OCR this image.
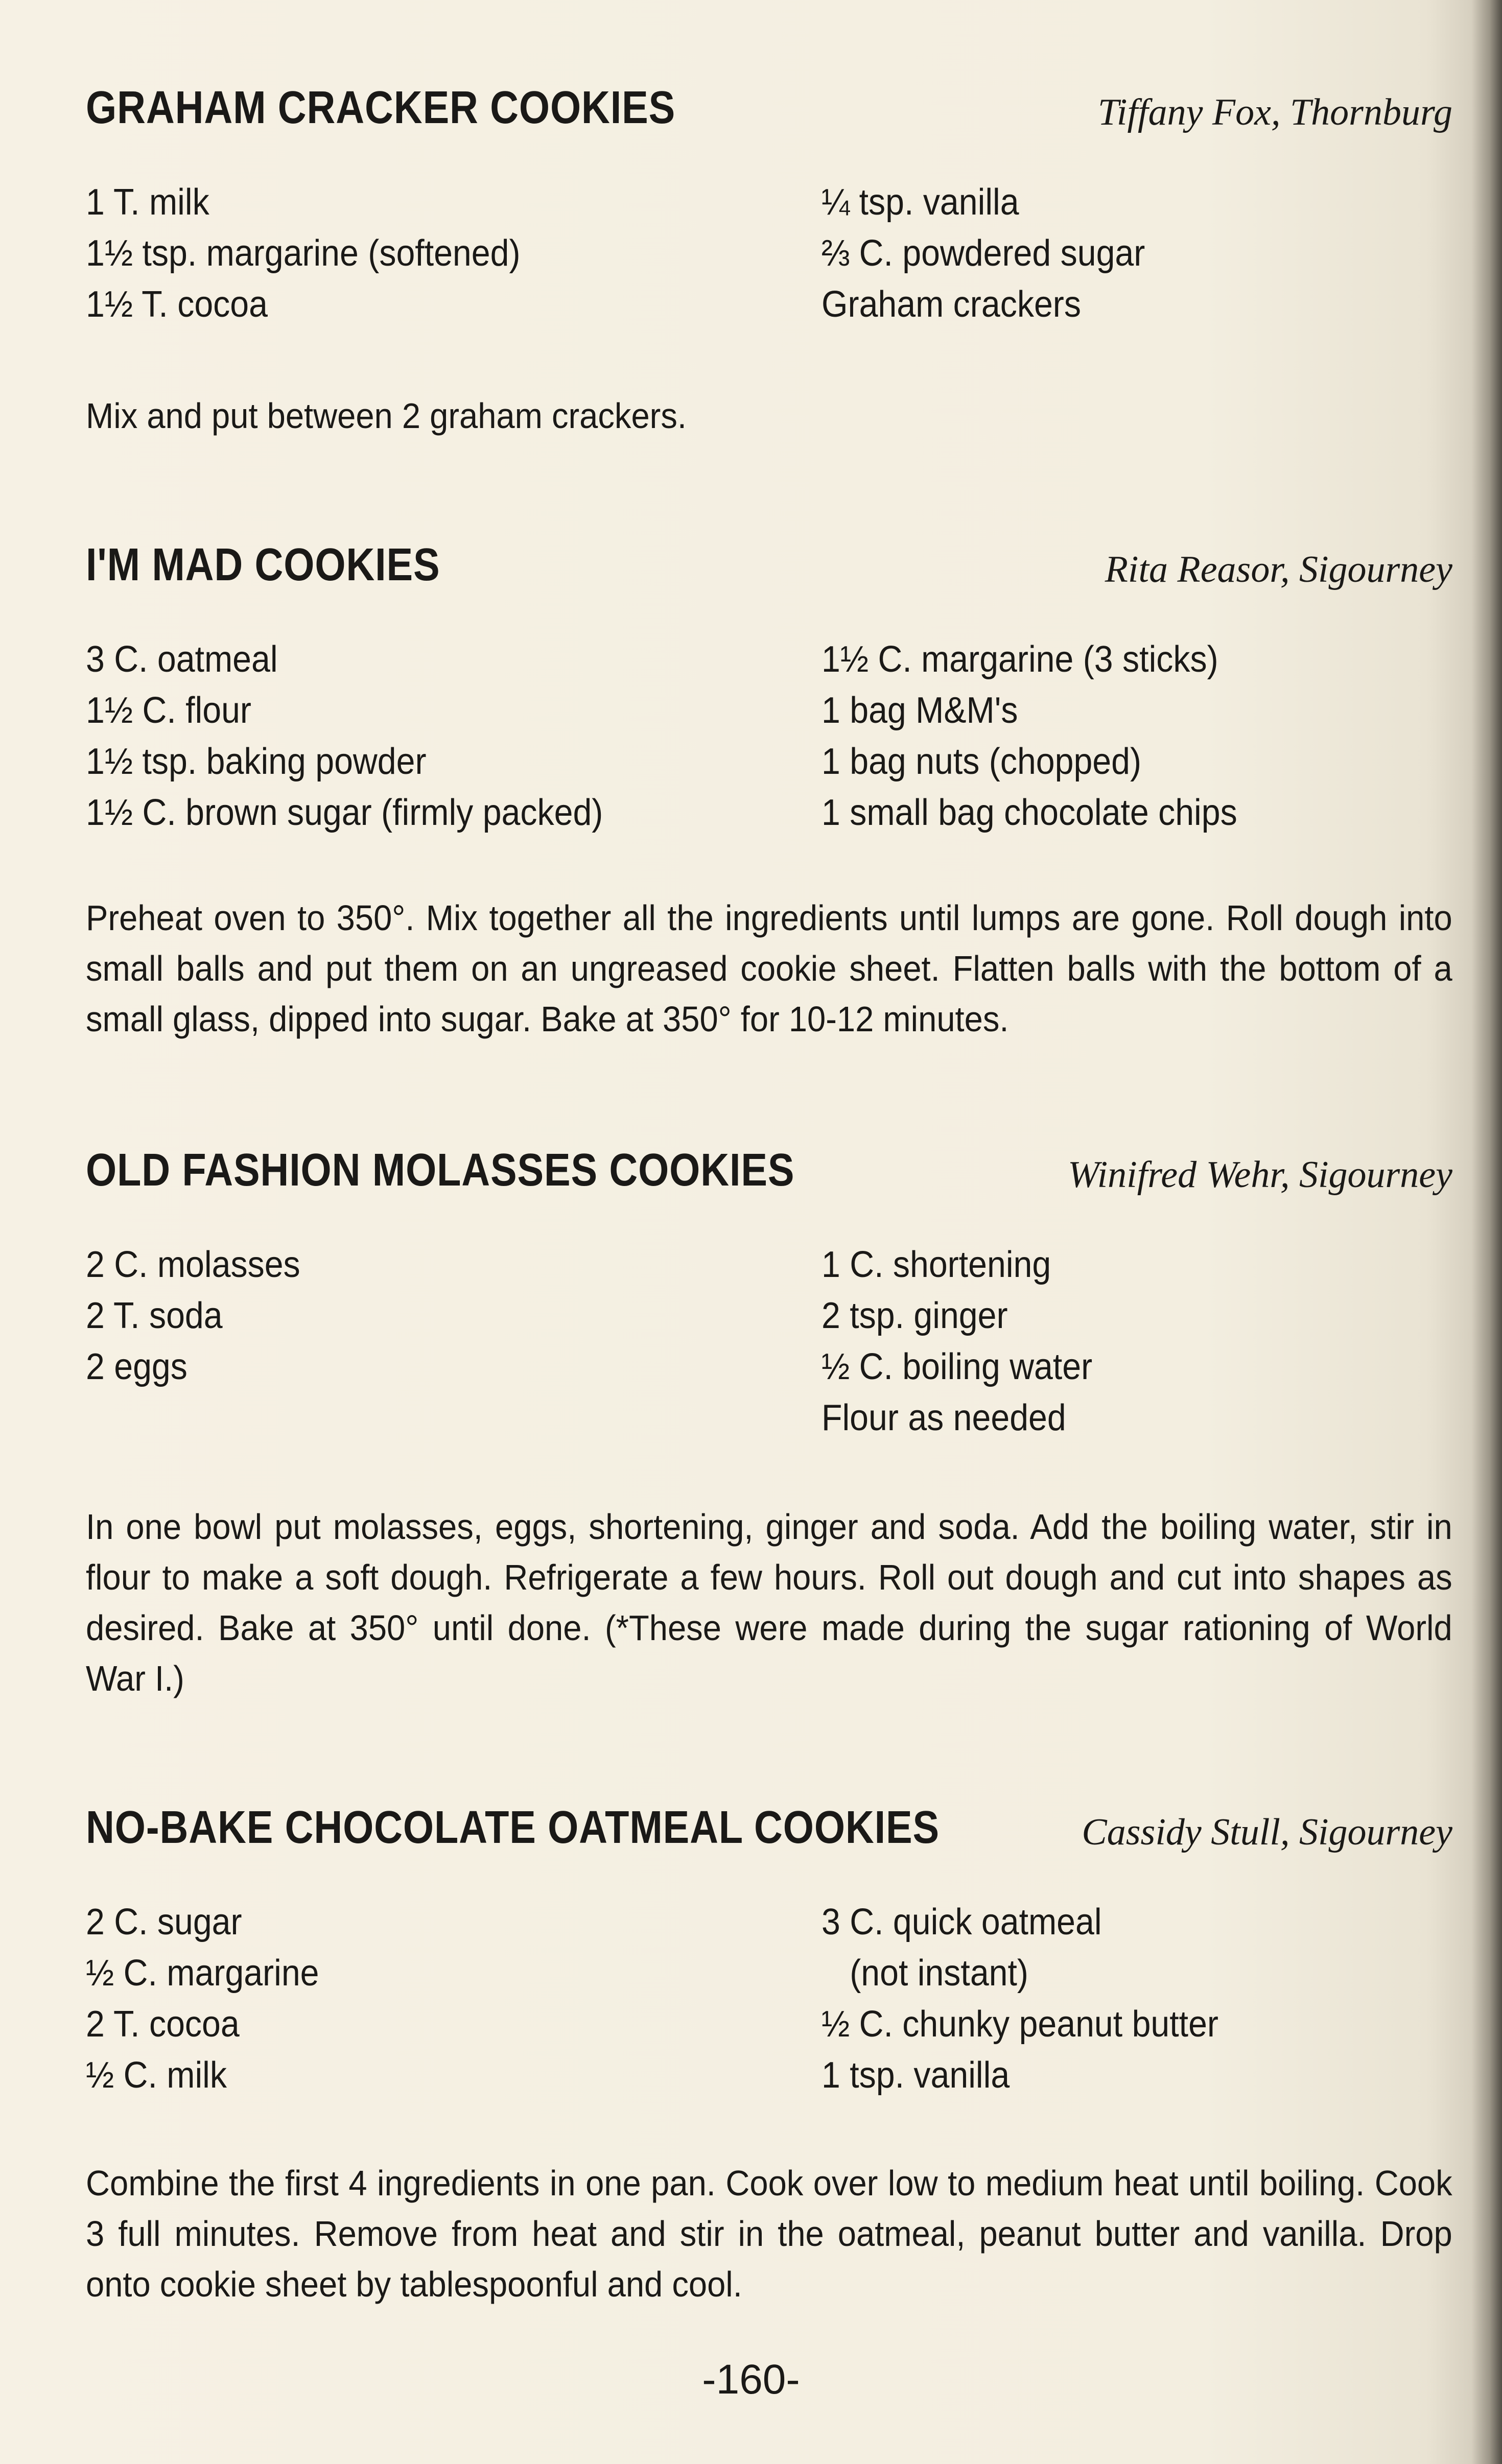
GRAHAM CRACKER COOKIES	Tiffany Fox, Thornburg
1 T. milk
1½ tsp. margarine (softened)
1½ T. cocoa
¼ tsp. vanilla
⅔ C. powdered sugar
Graham crackers
Mix and put between 2 graham crackers.
I'M MAD COOKIES	Rita Reasor, Sigourney
3 C. oatmeal
1½ C. flour
1½ tsp. baking powder
1½ C. brown sugar (firmly packed)
1½ C. margarine (3 sticks)
1 bag M&M's
1 bag nuts (chopped)
1 small bag chocolate chips
Preheat oven to 350°. Mix together all the ingredients until lumps are gone. Roll dough into small balls and put them on an ungreased cookie sheet. Flatten balls with the bottom of a small glass, dipped into sugar. Bake at 350° for 10-12 minutes.
OLD FASHION MOLASSES COOKIES	Winifred Wehr, Sigourney
2 C. molasses
2 T. soda
2 eggs
1 C. shortening
2 tsp. ginger
½ C. boiling water
Flour as needed
In one bowl put molasses, eggs, shortening, ginger and soda. Add the boiling water, stir in flour to make a soft dough. Refrigerate a few hours. Roll out dough and cut into shapes as desired. Bake at 350° until done. (*These were made during the sugar rationing of World War I.)
NO-BAKE CHOCOLATE OATMEAL COOKIES	Cassidy Stull, Sigourney
2 C. sugar
½ C. margarine
2 T. cocoa
½ C. milk
3 C. quick oatmeal
(not instant)
½ C. chunky peanut butter
1 tsp. vanilla
Combine the first 4 ingredients in one pan. Cook over low to medium heat until boiling. Cook 3 full minutes. Remove from heat and stir in the oatmeal, peanut butter and vanilla. Drop onto cookie sheet by tablespoonful and cool.
-160-
